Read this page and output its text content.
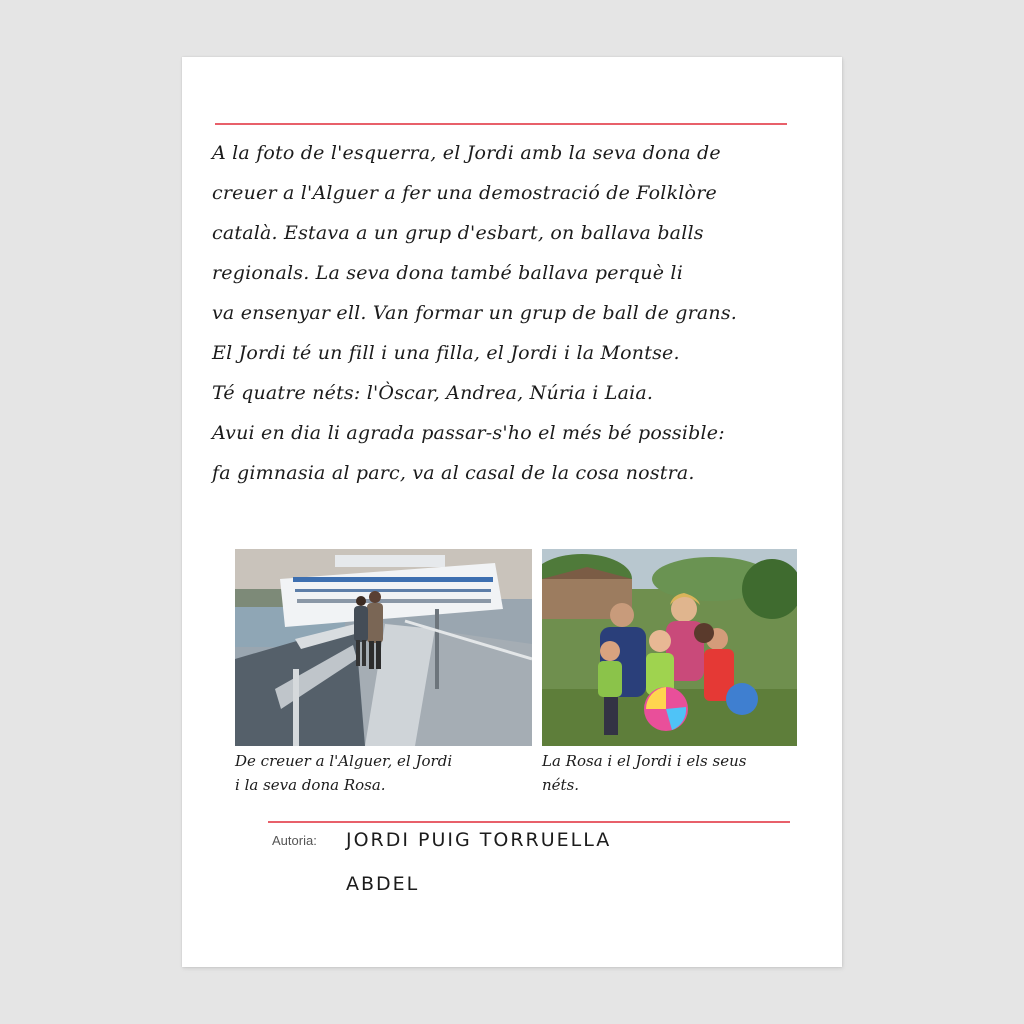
A la foto de l'esquerra, el Jordi amb la seva dona de
creuer a l'Alguer a fer una demostració de Folklòre
català. Estava a un grup d'esbart, on ballava balls
regionals. La seva dona també ballava perquè li
va ensenyar ell. Van formar un grup de ball de grans.
El Jordi té un fill i una filla, el Jordi i la Montse.
Té quatre néts: l'Òscar, Andrea, Núria i Laia.
Avui en dia li agrada passar-s'ho el més bé possible:
fa gimnasia al parc, va al casal de la cosa nostra.
De creuer a l'Alguer, el Jordi
i la seva dona Rosa.
La Rosa i el Jordi i els seus
néts.
Autoria: JORDI PUIG TORRUELLA
ABDEL
